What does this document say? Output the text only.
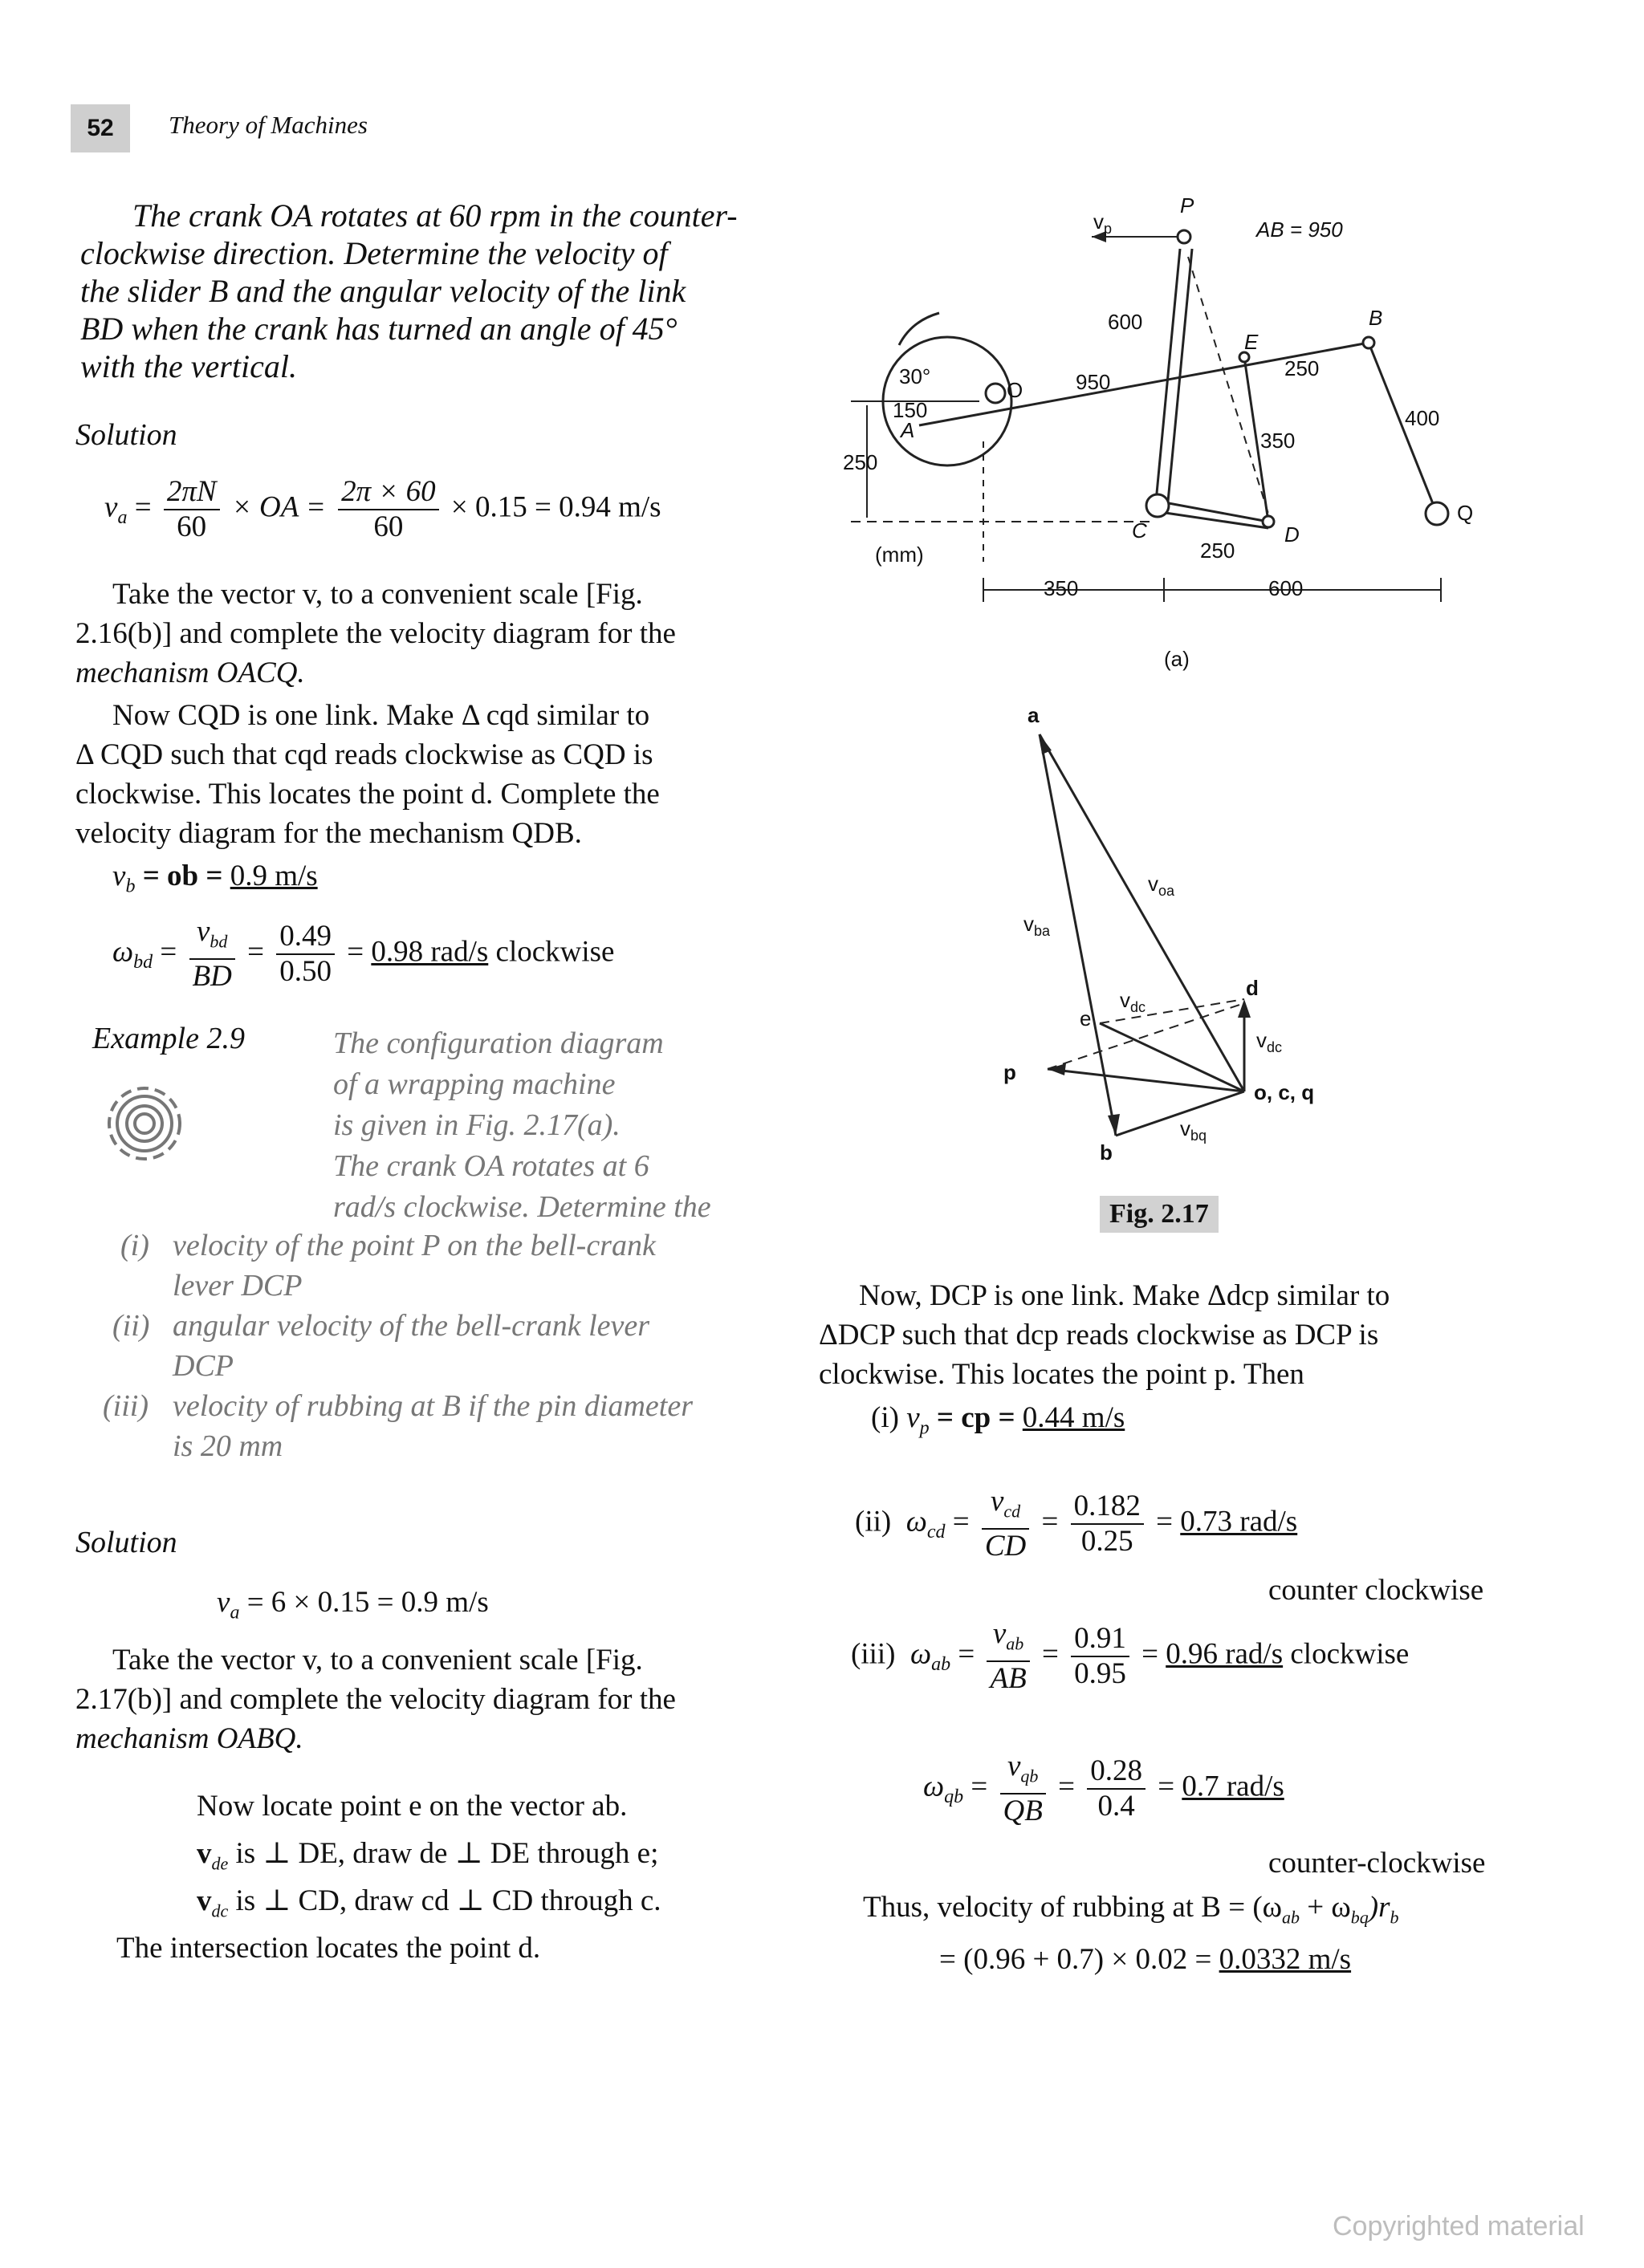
52	Theory of Machines
The crank OA rotates at 60 rpm in the counter-
clockwise direction. Determine the velocity of
the slider B and the angular velocity of the link
BD when the crank has turned an angle of 45°
with the vertical.
Solution
$v_a = \frac{2\pi N}{60}$ × OA = $\frac{2\pi \times 60}{60} \times 0.15 = 0.94$ m/s
Take the vector v, to a convenient scale [Fig.
2.16(b)] and complete the velocity diagram for the
mechanism OACQ.
Now CQD is one link. Make Δ cqd similar to
Δ CQD such that cqd reads clockwise as CQD is
clockwise. This locates the point d. Complete the
velocity diagram for the mechanism QDB.
$v_b$ = ob = 0.9 m/s
$\omega_{bd} = \frac{v_{bd}}{BD} = \frac{0.49}{0.50} = 0.98$ rad/s clockwise
Example 2.9	The configuration diagram
of a wrapping machine
is given in Fig. 2.17(a).
The crank OA rotates at 6
rad/s clockwise. Determine the
(i) velocity of the point P on the bell-crank
lever DCP
(ii) angular velocity of the bell-crank lever
DCP
(iii) velocity of rubbing at B if the pin diameter
is 20 mm
Solution
$v_a = 6 \times 0.15 = 0.9$ m/s
Take the vector v, to a convenient scale [Fig.
2.17(b)] and complete the velocity diagram for the
mechanism OABQ.
Now locate point e on the vector ab.
$v_{de}$ is ⊥ DE, draw de ⊥ DE through e;
$v_{dc}$ is ⊥ CD, draw cd ⊥ CD through c.
The intersection locates the point d.
$v_p$
P
AB = 950
600
E
B
30°
O	950
250
150
A	400
350
250
C	D
Q
250
(mm)
350	600
(a)
a
$v_{oa}$
$v_{ba}$
$v_{dc}$
d
e
$v_{dc}$
p
o, c, q
$v_{bq}$
b
Fig. 2.17
Now, DCP is one link. Make Δdcp similar to
ΔDCP such that dcp reads clockwise as DCP is
clockwise. This locates the point p. Then
(i) $v_p$ = cp = 0.44 m/s
(ii) $\omega_{cd} = \frac{v_{cd}}{CD} = \frac{0.182}{0.25} = 0.73$ rad/s
counter clockwise
(iii) $\omega_{ab} = \frac{v_{ab}}{AB} = \frac{0.91}{0.95} = 0.96$ rad/s clockwise
$\omega_{qb} = \frac{v_{qb}}{QB} = \frac{0.28}{0.4} = 0.7$ rad/s
counter-clockwise
Thus, velocity of rubbing at $B = (\omega_{ab} + \omega_{bq})r_b$
= (0.96 + 0.7) × 0.02 = 0.0332 m/s
Copyrighted material
